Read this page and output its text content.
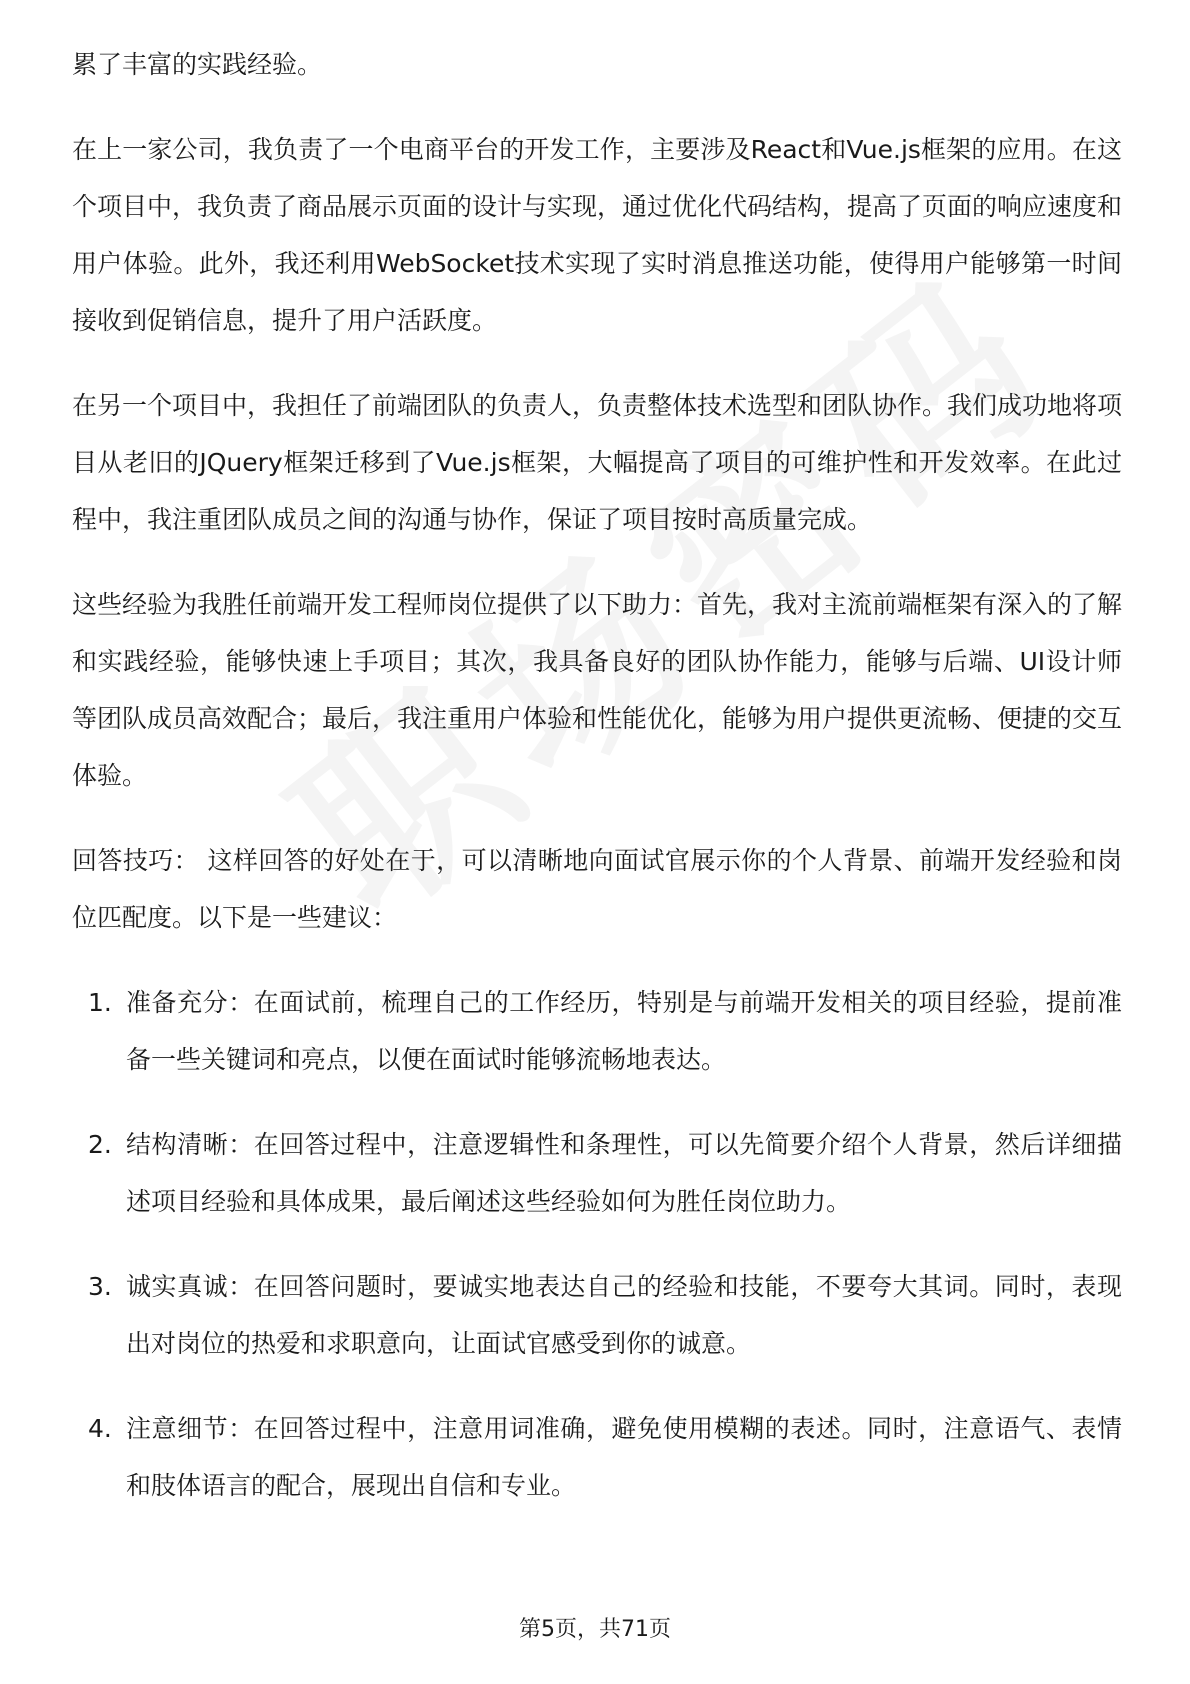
累了丰富的实践经验。

在上一家公司，我负责了一个电商平台的开发工作，主要涉及React和Vue.js框架的应用。在这个项目中，我负责了商品展示页面的设计与实现，通过优化代码结构，提高了页面的响应速度和用户体验。此外，我还利用WebSocket技术实现了实时消息推送功能，使得用户能够第一时间接收到促销信息，提升了用户活跃度。

在另一个项目中，我担任了前端团队的负责人，负责整体技术选型和团队协作。我们成功地将项目从老旧的JQuery框架迁移到了Vue.js框架，大幅提高了项目的可维护性和开发效率。在此过程中，我注重团队成员之间的沟通与协作，保证了项目按时高质量完成。

这些经验为我胜任前端开发工程师岗位提供了以下助力：首先，我对主流前端框架有深入的了解和实践经验，能够快速上手项目；其次，我具备良好的团队协作能力，能够与后端、UI设计师等团队成员高效配合；最后，我注重用户体验和性能优化，能够为用户提供更流畅、便捷的交互体验。

回答技巧： 这样回答的好处在于，可以清晰地向面试官展示你的个人背景、前端开发经验和岗位匹配度。以下是一些建议：

1. 准备充分：在面试前，梳理自己的工作经历，特别是与前端开发相关的项目经验，提前准备一些关键词和亮点，以便在面试时能够流畅地表达。
2. 结构清晰：在回答过程中，注意逻辑性和条理性，可以先简要介绍个人背景，然后详细描述项目经验和具体成果，最后阐述这些经验如何为胜任岗位助力。
3. 诚实真诚：在回答问题时，要诚实地表达自己的经验和技能，不要夸大其词。同时，表现出对岗位的热爱和求职意向，让面试官感受到你的诚意。
4. 注意细节：在回答过程中，注意用词准确，避免使用模糊的表述。同时，注意语气、表情和肢体语言的配合，展现出自信和专业。
第5页，共71页
